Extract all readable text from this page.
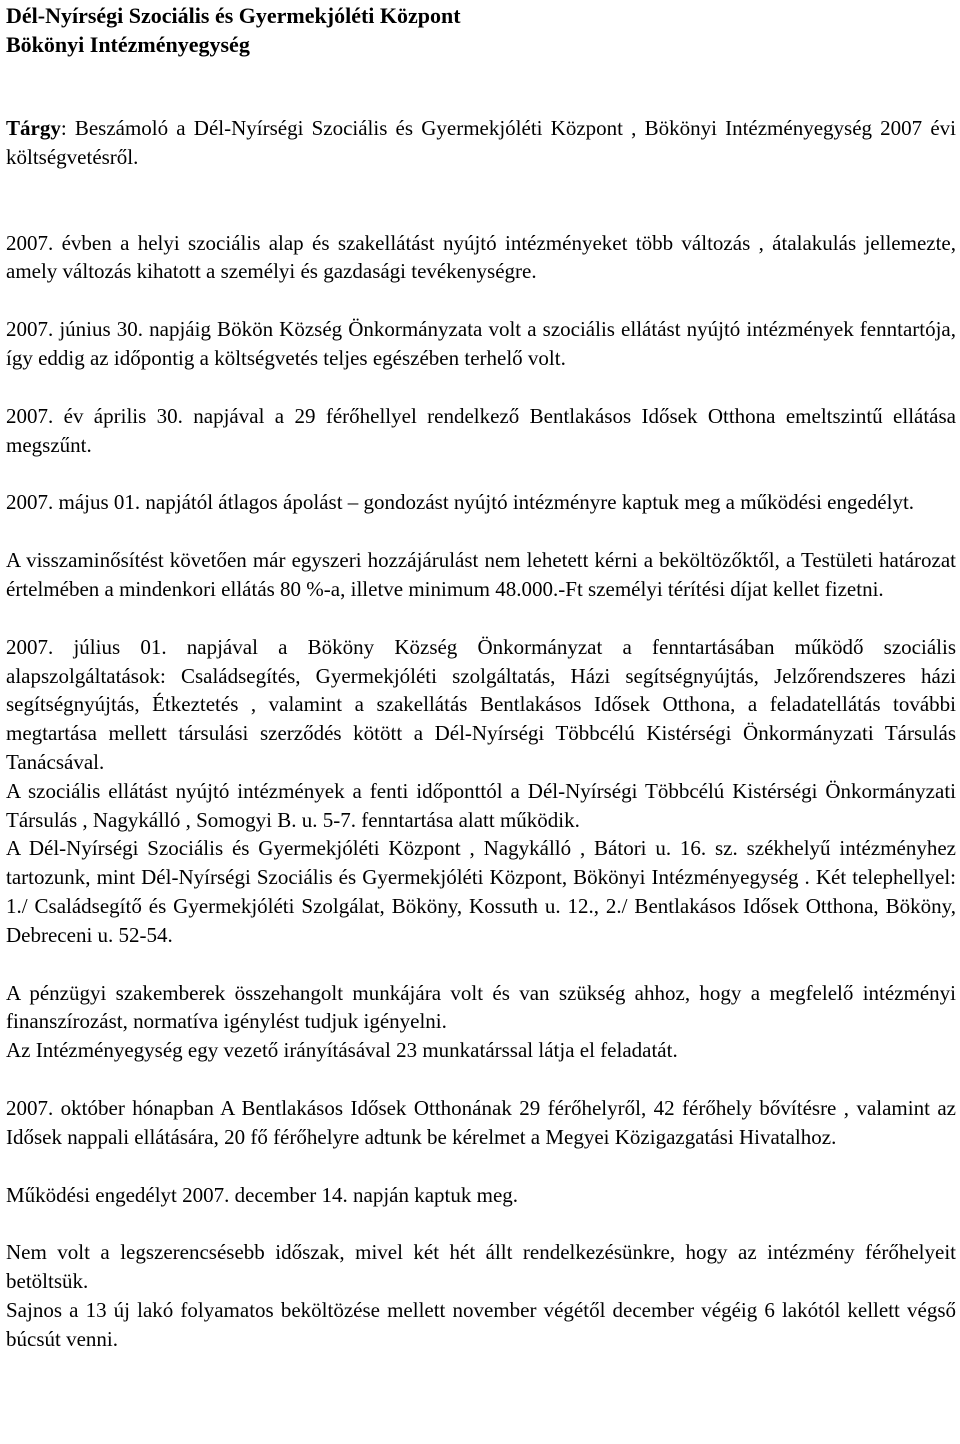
Dél-Nyírségi Szociális és Gyermekjóléti Központ

Bökönyi Intézményegység

Tárgy: Beszámoló a Dél-Nyírségi Szociális és Gyermekjóléti Központ , Bökönyi Intézményegység 2007 évi költségvetésről.

2007. évben a helyi szociális alap és szakellátást nyújtó intézményeket több változás , átalakulás jellemezte, amely változás kihatott a személyi és gazdasági tevékenységre.

2007. június 30. napjáig Bökön Község Önkormányzata volt a szociális ellátást nyújtó intézmények fenntartója, így eddig az időpontig a költségvetés teljes egészében terhelő volt.

2007. év április 30. napjával a 29 férőhellyel rendelkező Bentlakásos Idősek Otthona emeltszintű ellátása megszűnt.

2007. május 01. napjától átlagos ápolást – gondozást nyújtó intézményre kaptuk meg a működési engedélyt.

A visszaminősítést követően már egyszeri hozzájárulást nem lehetett kérni a beköltözőktől, a Testületi határozat értelmében a mindenkori ellátás 80 %-a, illetve minimum 48.000.-Ft személyi térítési díjat kellet fizetni.

2007. július 01. napjával a Bököny Község Önkormányzat a fenntartásában működő szociális alapszolgáltatások: Családsegítés, Gyermekjóléti szolgáltatás, Házi segítségnyújtás, Jelzőrendszeres házi segítségnyújtás, Étkeztetés , valamint a szakellátás Bentlakásos Idősek Otthona, a feladatellátás további megtartása mellett társulási szerződés kötött a Dél-Nyírségi Többcélú Kistérségi Önkormányzati Társulás Tanácsával.

A szociális ellátást nyújtó intézmények a fenti időponttól a Dél-Nyírségi Többcélú Kistérségi Önkormányzati Társulás , Nagykálló , Somogyi B. u. 5-7. fenntartása alatt működik.

A Dél-Nyírségi Szociális és Gyermekjóléti Központ , Nagykálló , Bátori u. 16. sz. székhelyű intézményhez tartozunk, mint Dél-Nyírségi Szociális és Gyermekjóléti Központ, Bökönyi Intézményegység . Két telephellyel: 1./ Családsegítő és Gyermekjóléti Szolgálat, Bököny, Kossuth u. 12., 2./ Bentlakásos Idősek Otthona, Bököny, Debreceni u. 52-54.

A pénzügyi szakemberek összehangolt munkájára volt és van szükség ahhoz, hogy a megfelelő intézményi finanszírozást, normatíva igénylést tudjuk igényelni.

Az Intézményegység egy vezető irányításával 23 munkatárssal látja el feladatát.

2007. október hónapban A Bentlakásos Idősek Otthonának 29 férőhelyről, 42 férőhely bővítésre , valamint az Idősek nappali ellátására, 20 fő férőhelyre adtunk be kérelmet a Megyei Közigazgatási Hivatalhoz.

Működési engedélyt 2007. december 14. napján kaptuk meg.

Nem volt a legszerencsésebb időszak, mivel két hét állt rendelkezésünkre, hogy az intézmény férőhelyeit betöltsük.

Sajnos a 13 új lakó folyamatos beköltözése mellett november végétől december végéig 6 lakótól kellett végső búcsút venni.
